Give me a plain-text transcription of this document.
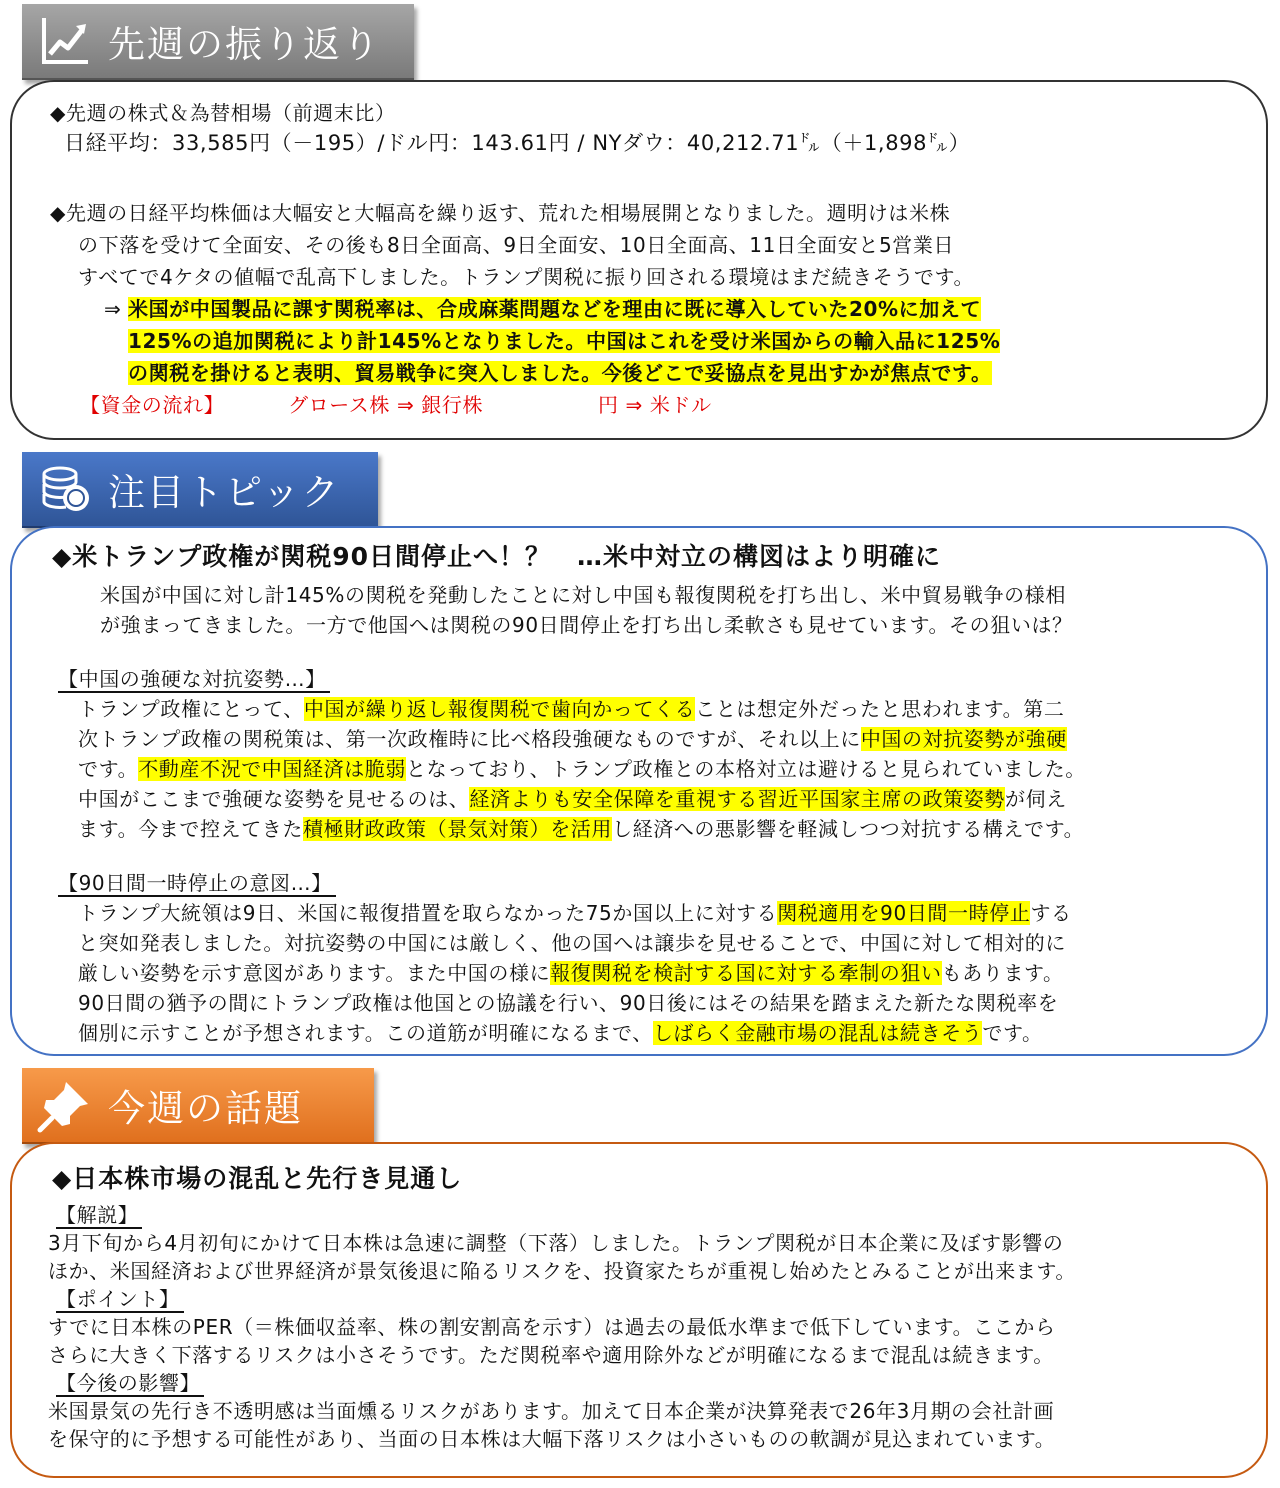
先週の振り返り
◆先週の株式＆為替相場（前週末比）
日経平均：33,585円（－195）/ドル円：143.61円 / NYダウ：40,212.71㌦（＋1,898㌦）
◆先週の日経平均株価は大幅安と大幅高を繰り返す、荒れた相場展開となりました。週明けは米株
の下落を受けて全面安、その後も8日全面高、9日全面安、10日全面高、11日全面安と5営業日
すべてで4ケタの値幅で乱高下しました。トランプ関税に振り回される環境はまだ続きそうです。
⇒ 米国が中国製品に課す関税率は、合成麻薬問題などを理由に既に導入していた20%に加えて
125%の追加関税により計145%となりました。中国はこれを受け米国からの輸入品に125%
の関税を掛けると表明、貿易戦争に突入しました。今後どこで妥協点を見出すかが焦点です。
【資金の流れ】	グロース株 ⇒ 銀行株	円 ⇒ 米ドル
注目トピック
◆米トランプ政権が関税90日間停止へ！？　…米中対立の構図はより明確に
米国が中国に対し計145%の関税を発動したことに対し中国も報復関税を打ち出し、米中貿易戦争の様相
が強まってきました。一方で他国へは関税の90日間停止を打ち出し柔軟さも見せています。その狙いは？
【中国の強硬な対抗姿勢…】
トランプ政権にとって、中国が繰り返し報復関税で歯向かってくることは想定外だったと思われます。第二
次トランプ政権の関税策は、第一次政権時に比べ格段強硬なものですが、それ以上に中国の対抗姿勢が強硬
です。不動産不況で中国経済は脆弱となっており、トランプ政権との本格対立は避けると見られていました。
中国がここまで強硬な姿勢を見せるのは、経済よりも安全保障を重視する習近平国家主席の政策姿勢が伺え
ます。今まで控えてきた積極財政政策（景気対策）を活用し経済への悪影響を軽減しつつ対抗する構えです。
【90日間一時停止の意図…】
トランプ大統領は9日、米国に報復措置を取らなかった75か国以上に対する関税適用を90日間一時停止する
と突如発表しました。対抗姿勢の中国には厳しく、他の国へは譲歩を見せることで、中国に対して相対的に
厳しい姿勢を示す意図があります。また中国の様に報復関税を検討する国に対する牽制の狙いもあります。
90日間の猶予の間にトランプ政権は他国との協議を行い、90日後にはその結果を踏まえた新たな関税率を
個別に示すことが予想されます。この道筋が明確になるまで、しばらく金融市場の混乱は続きそうです。
今週の話題
◆日本株市場の混乱と先行き見通し
【解説】
3月下旬から4月初旬にかけて日本株は急速に調整（下落）しました。トランプ関税が日本企業に及ぼす影響の
ほか、米国経済および世界経済が景気後退に陥るリスクを、投資家たちが重視し始めたとみることが出来ます。
【ポイント】
すでに日本株のPER（＝株価収益率、株の割安割高を示す）は過去の最低水準まで低下しています。ここから
さらに大きく下落するリスクは小さそうです。ただ関税率や適用除外などが明確になるまで混乱は続きます。
【今後の影響】
米国景気の先行き不透明感は当面燻るリスクがあります。加えて日本企業が決算発表で26年3月期の会社計画
を保守的に予想する可能性があり、当面の日本株は大幅下落リスクは小さいものの軟調が見込まれています。
